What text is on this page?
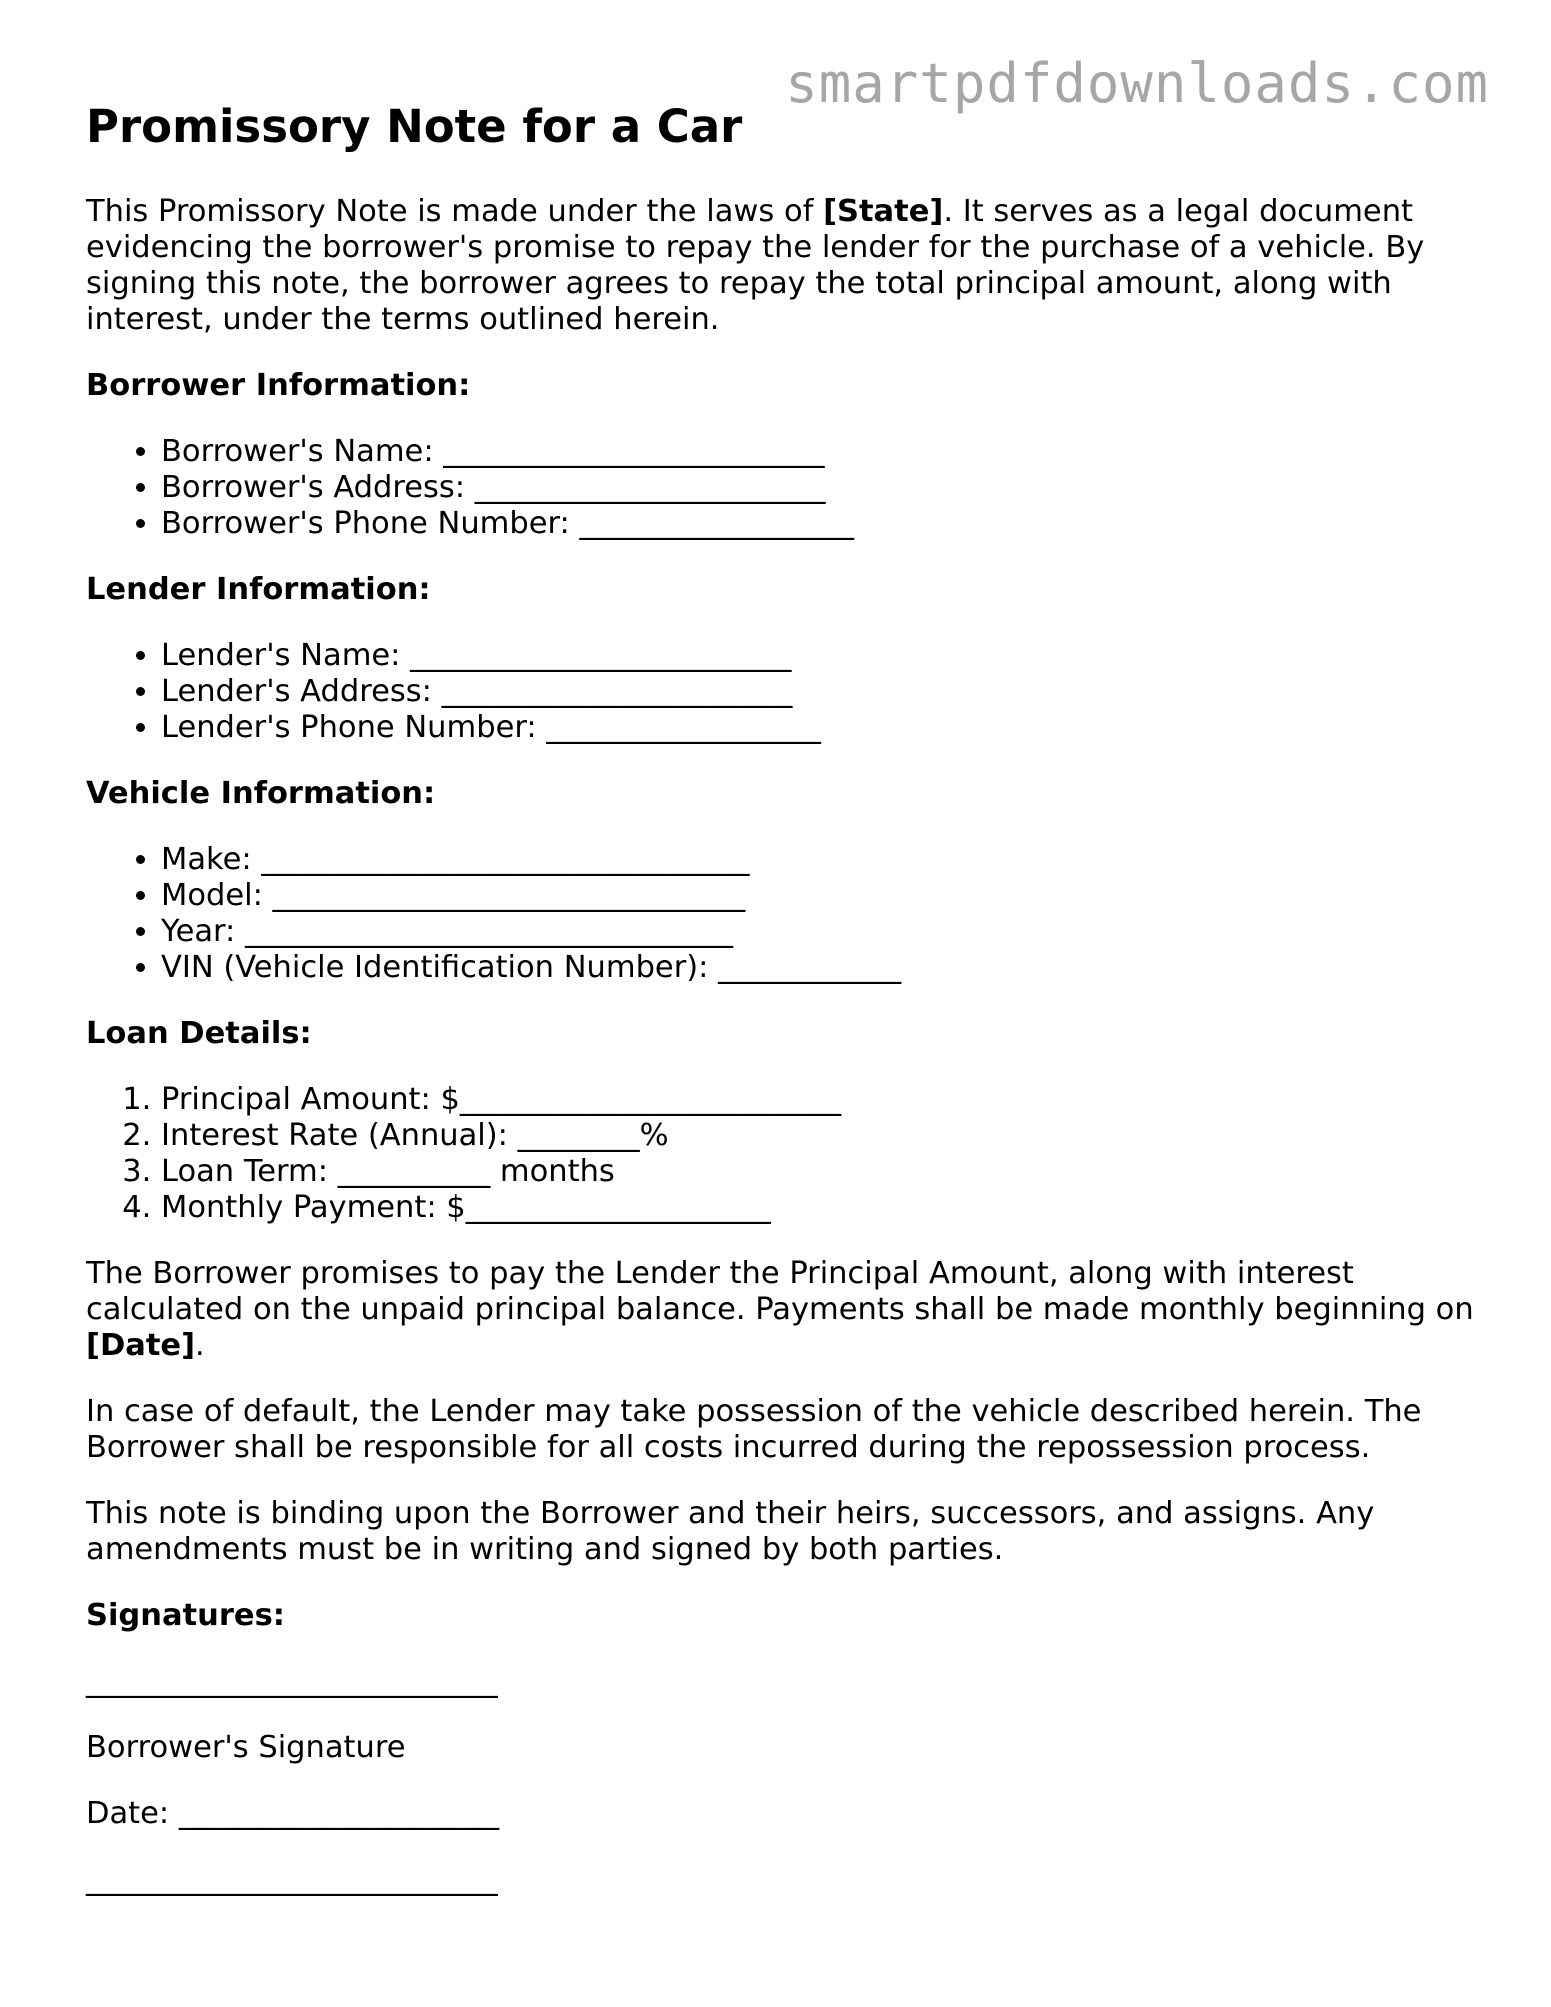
smartpdfdownloads.com
Promissory Note for a Car

This Promissory Note is made under the laws of [State]. It serves as a legal document evidencing the borrower's promise to repay the lender for the purchase of a vehicle. By signing this note, the borrower agrees to repay the total principal amount, along with interest, under the terms outlined herein.

Borrower Information:
• Borrower's Name: _________________________
• Borrower's Address: _______________________
• Borrower's Phone Number: __________________
Lender Information:
• Lender's Name: _________________________
• Lender's Address: _______________________
• Lender's Phone Number: __________________
Vehicle Information:
• Make: ________________________________
• Model: _______________________________
• Year: ________________________________
• VIN (Vehicle Identification Number): ____________
Loan Details:
1. Principal Amount: $_________________________
2. Interest Rate (Annual): ________%
3. Loan Term: __________ months
4. Monthly Payment: $____________________

The Borrower promises to pay the Lender the Principal Amount, along with interest calculated on the unpaid principal balance. Payments shall be made monthly beginning on [Date].

In case of default, the Lender may take possession of the vehicle described herein. The Borrower shall be responsible for all costs incurred during the repossession process.

This note is binding upon the Borrower and their heirs, successors, and assigns. Any amendments must be in writing and signed by both parties.

Signatures:

___________________________

Borrower's Signature

Date: _____________________

___________________________
